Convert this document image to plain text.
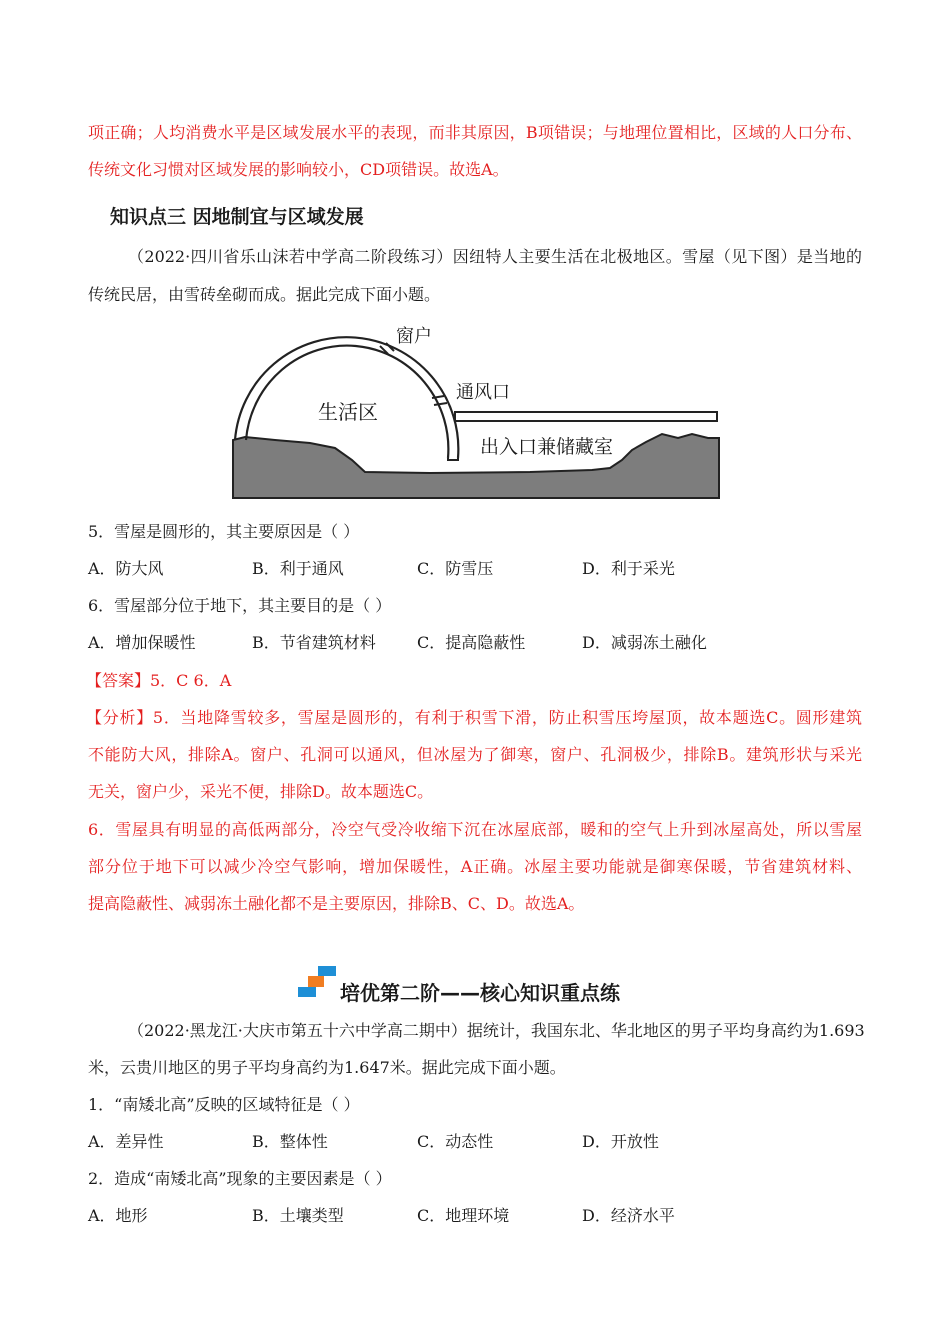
项正确；人均消费水平是区域发展水平的表现，而非其原因，B项错误；与地理位置相比，区域的人口分布、
传统文化习惯对区域发展的影响较小，CD项错误。故选A。
知识点三 因地制宜与区域发展
（2022·四川省乐山沫若中学高二阶段练习）因纽特人主要生活在北极地区。雪屋（见下图）是当地的
传统民居，由雪砖垒砌而成。据此完成下面小题。
窗户
通风口
生活区
出入口兼储藏室
5．雪屋是圆形的，其主要原因是（ ）
A．防大风	B．利于通风	C．防雪压	D．利于采光
6．雪屋部分位于地下，其主要目的是（ ）
A．增加保暖性	B．节省建筑材料	C．提高隐蔽性	D．减弱冻土融化
【答案】5．C 6．A
【分析】5．当地降雪较多，雪屋是圆形的，有利于积雪下滑，防止积雪压垮屋顶，故本题选C。圆形建筑
不能防大风，排除A。窗户、孔洞可以通风，但冰屋为了御寒，窗户、孔洞极少，排除B。建筑形状与采光
无关，窗户少，采光不便，排除D。故本题选C。
6．雪屋具有明显的高低两部分，冷空气受冷收缩下沉在冰屋底部，暖和的空气上升到冰屋高处，所以雪屋
部分位于地下可以减少冷空气影响，增加保暖性，A正确。冰屋主要功能就是御寒保暖，节省建筑材料、
提高隐蔽性、减弱冻土融化都不是主要原因，排除B、C、D。故选A。
培优第二阶——核心知识重点练
（2022·黑龙江·大庆市第五十六中学高二期中）据统计，我国东北、华北地区的男子平均身高约为1.693
米，云贵川地区的男子平均身高约为1.647米。据此完成下面小题。
1．“南矮北高”反映的区域特征是（ ）
A．差异性	B．整体性	C．动态性	D．开放性
2．造成“南矮北高”现象的主要因素是（ ）
A．地形	B．土壤类型	C．地理环境	D．经济水平
